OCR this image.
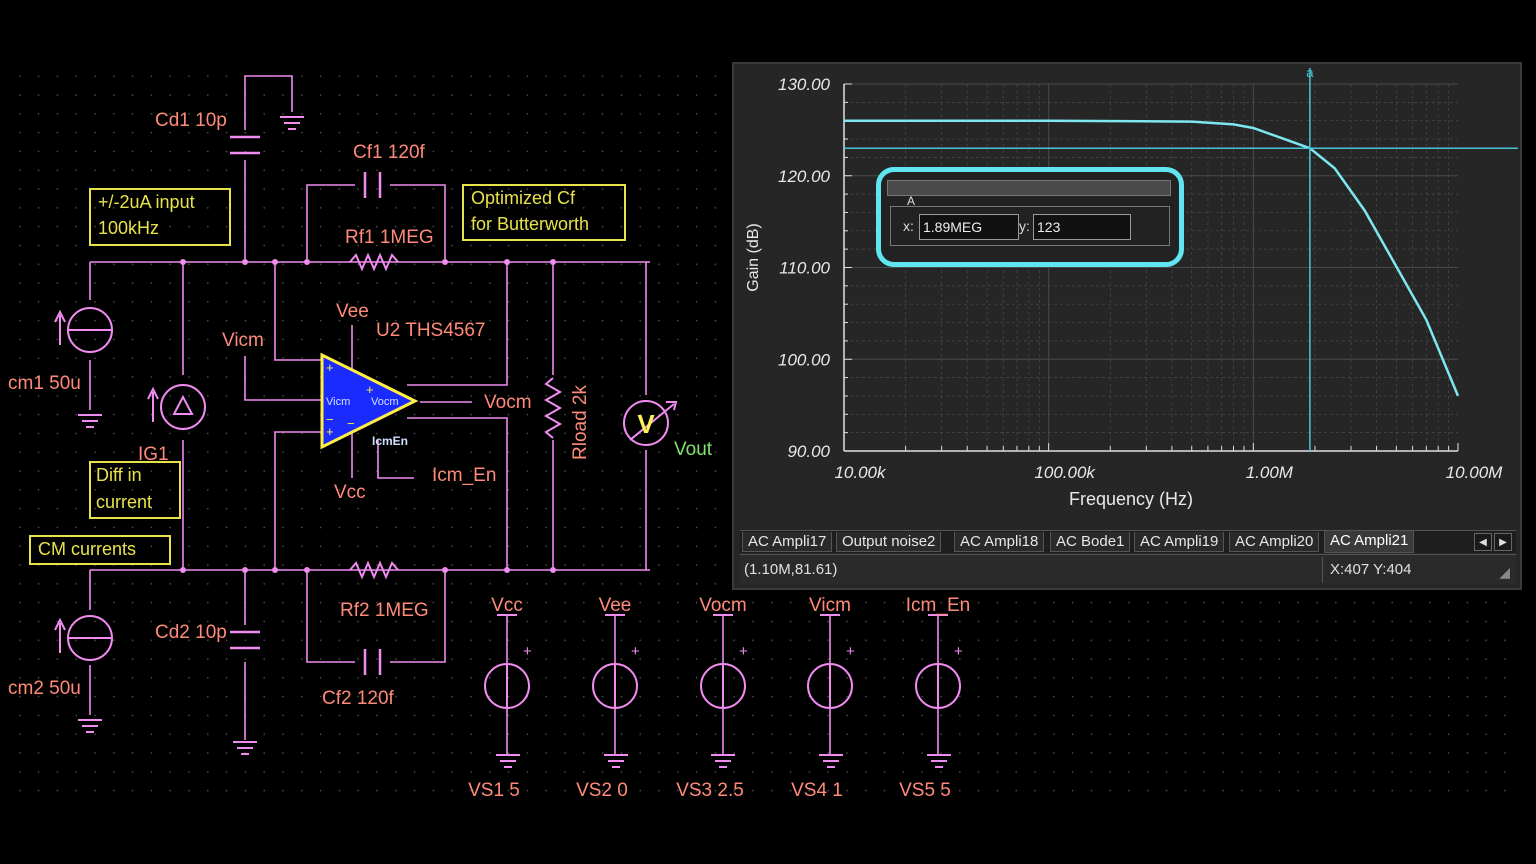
V
Vicm Vocm
+
−
+
+
−
+
Vcc
VS1 5
+
Vee
VS2 0
+
Vocm
VS3 2.5
+
Vicm
VS4 1
+
Icm_En
VS5 5
Cd1 10p
Cf1 120f
Rf1 1MEG
Vee
U2 THS4567
Vicm
Vocm
Vcc
Icm_En
Rload 2k
cm1 50u
IG1
cm2 50u
Cd2 10p
Rf2 1MEG
Cf2 120f
IcmEn	Vout
+/-2uA input
100kHz
Optimized Cf
for Butterworth
Diff in
current
CM currents
10.00k	100.00k	1.00M	10.00M
130.00
120.00
110.00
100.00
90.00
a
Frequency (Hz)
Gain (dB)
A
x:
1.89MEG	y:
123
AC Ampli17	Output noise2	AC Ampli18	AC Bode1	AC Ampli19	AC Ampli20	AC Ampli21	◀	▶
(1.10M,81.61)	X:407 Y:404	◢
